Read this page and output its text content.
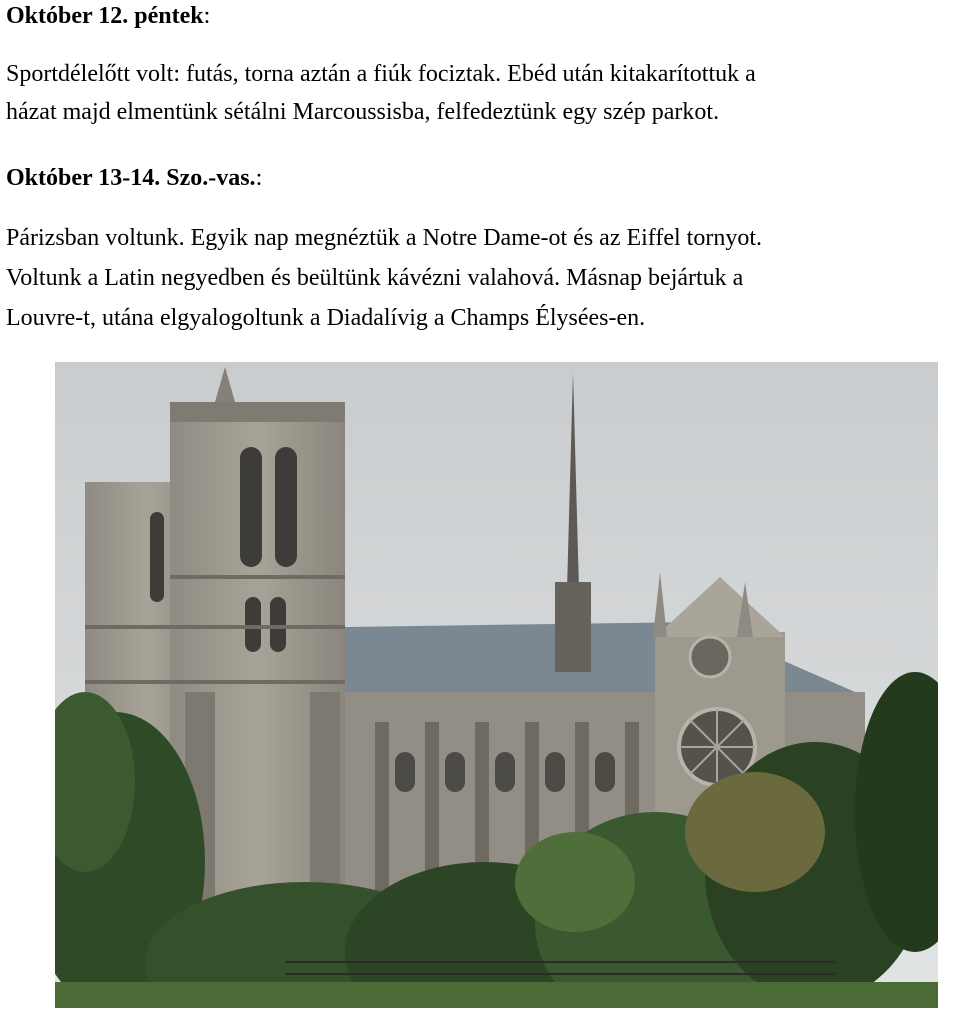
Október 12. péntek:

Sportdélelőtt volt: futás, torna aztán a fiúk fociztak. Ebéd után kitakarítottuk a

házat majd elmentünk sétálni Marcoussisba, felfedeztünk egy szép parkot.

Október 13-14. Szo.-vas.:

Párizsban voltunk. Egyik nap megnéztük a Notre Dame-ot és az Eiffel tornyot.

Voltunk a Latin negyedben és beültünk kávézni valahová. Másnap bejártuk a

Louvre-t, utána elgyalogoltunk a Diadalívig a Champs Élysées-en.
